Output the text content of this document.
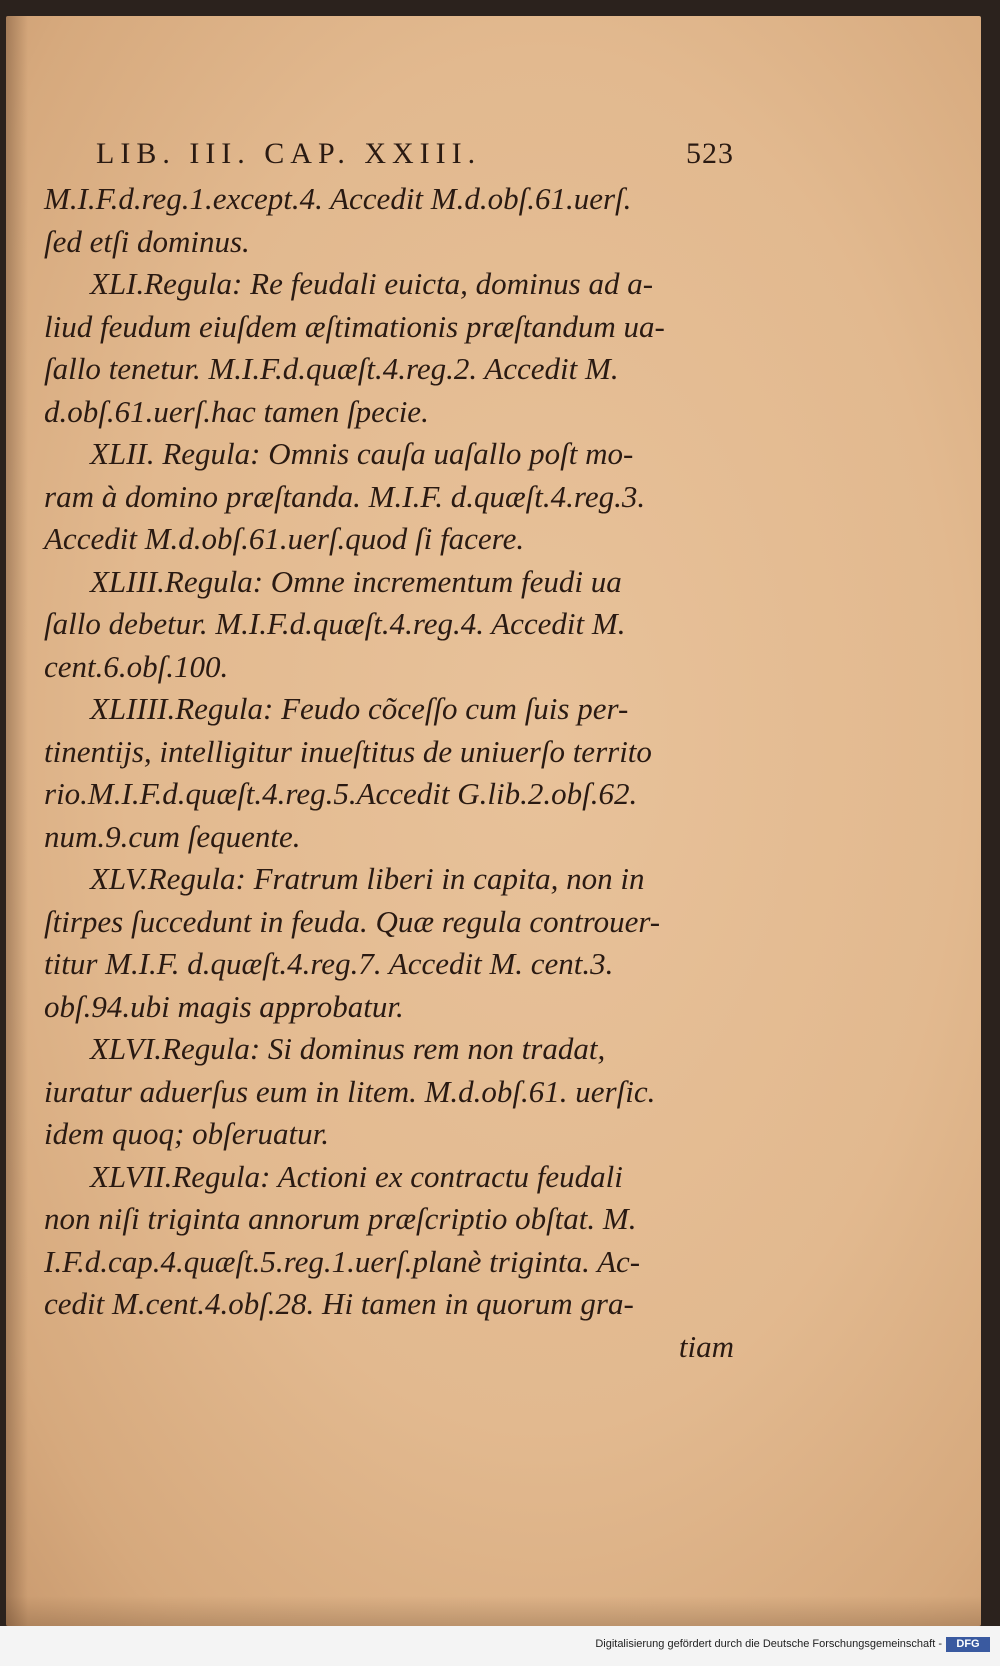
LIB. III. CAP. XXIII.	523
M.I.F.d.reg.1.except.4. Accedit M.d.obſ.61.uerſ.
ſed etſi dominus.
XLI.Regula: Re feudali euicta, dominus ad a-
liud feudum eiuſdem æſtimationis præſtandum ua-
ſallo tenetur. M.I.F.d.quæſt.4.reg.2. Accedit M.
d.obſ.61.uerſ.hac tamen ſpecie.
XLII. Regula: Omnis cauſa uaſallo poſt mo-
ram à domino præſtanda. M.I.F. d.quæſt.4.reg.3.
Accedit M.d.obſ.61.uerſ.quod ſi facere.
XLIII.Regula: Omne incrementum feudi ua
ſallo debetur. M.I.F.d.quæſt.4.reg.4. Accedit M.
cent.6.obſ.100.
XLIIII.Regula: Feudo cõceſſo cum ſuis per-
tinentijs, intelligitur inueſtitus de uniuerſo territo
rio.M.I.F.d.quæſt.4.reg.5.Accedit G.lib.2.obſ.62.
num.9.cum ſequente.
XLV.Regula: Fratrum liberi in capita, non in
ſtirpes ſuccedunt in feuda. Quæ regula controuer-
titur M.I.F. d.quæſt.4.reg.7. Accedit M. cent.3.
obſ.94.ubi magis approbatur.
XLVI.Regula: Si dominus rem non tradat,
iuratur aduerſus eum in litem. M.d.obſ.61. uerſic.
idem quoq; obſeruatur.
XLVII.Regula: Actioni ex contractu feudali
non niſi triginta annorum præſcriptio obſtat. M.
I.F.d.cap.4.quæſt.5.reg.1.uerſ.planè triginta. Ac-
cedit M.cent.4.obſ.28. Hi tamen in quorum gra-
tiam
Digitalisierung gefördert durch die Deutsche Forschungsgemeinschaft -	DFG
